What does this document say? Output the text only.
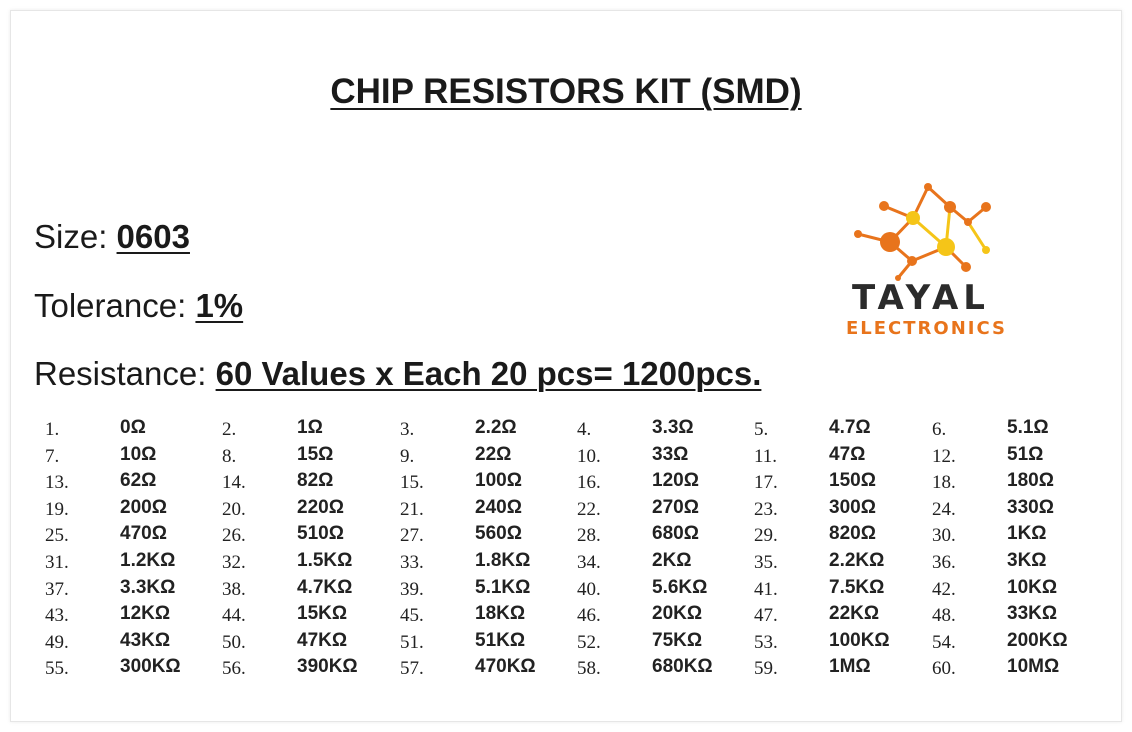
CHIP RESISTORS KIT (SMD)
Size: 0603
Tolerance: 1%
Resistance: 60 Values x Each 20 pcs= 1200pcs.
TAYAL
ELECTRONICS
1.	0Ω	2.	1Ω	3.	2.2Ω	4.	3.3Ω	5.	4.7Ω	6.	5.1Ω
7.	10Ω	8.	15Ω	9.	22Ω	10.	33Ω	11.	47Ω	12.	51Ω
13.	62Ω	14.	82Ω	15.	100Ω	16.	120Ω	17.	150Ω	18.	180Ω
19.	200Ω	20.	220Ω	21.	240Ω	22.	270Ω	23.	300Ω	24.	330Ω
25.	470Ω	26.	510Ω	27.	560Ω	28.	680Ω	29.	820Ω	30.	1KΩ
31.	1.2KΩ 32.	1.5KΩ	33.	1.8KΩ 34.	2KΩ	35.	2.2KΩ	36.	3KΩ
37.	3.3KΩ 38.	4.7KΩ	39.	5.1KΩ 40.	5.6KΩ 41.	7.5KΩ	42.	10KΩ
43.	12KΩ	44.	15KΩ	45.	18KΩ	46.	20KΩ	47.	22KΩ	48.	33KΩ
49.	43KΩ	50.	47KΩ	51.	51KΩ	52.	75KΩ	53.	100KΩ 54.	200KΩ
55.	300KΩ 56.	390KΩ 57.	470KΩ 58.	680KΩ 59.	1MΩ	60.	10MΩ
